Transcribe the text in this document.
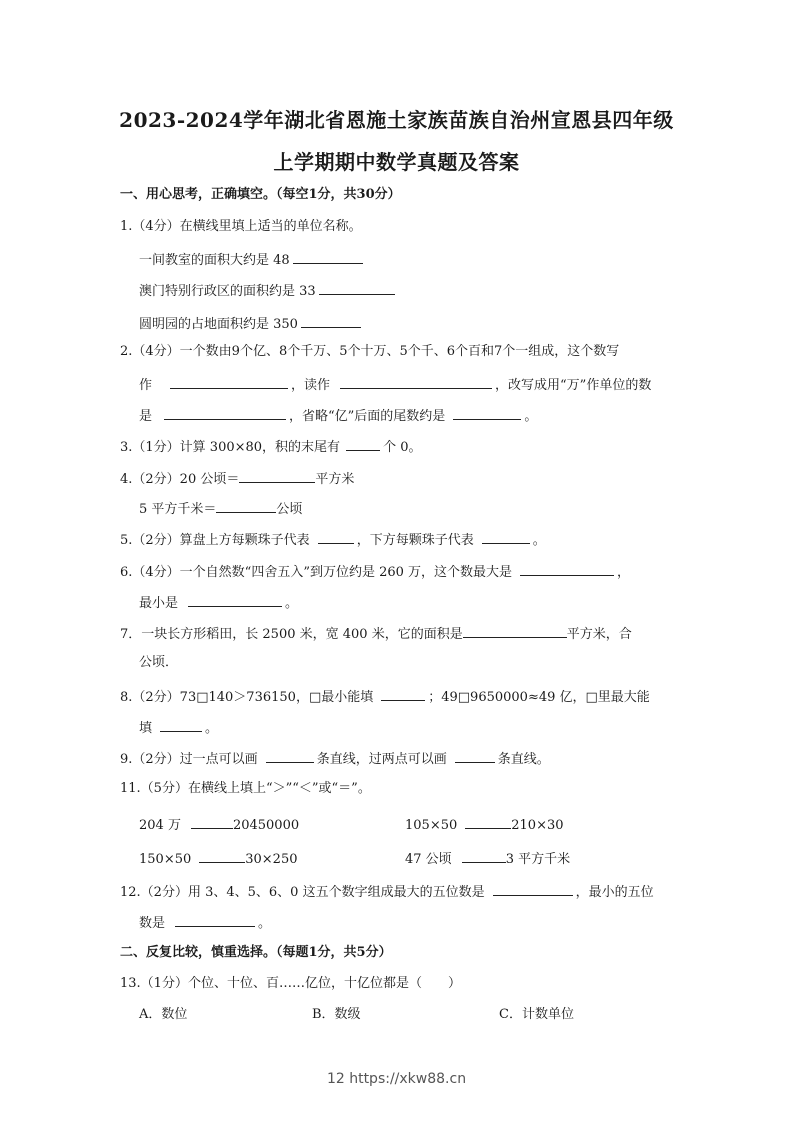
2023-2024学年湖北省恩施土家族苗族自治州宣恩县四年级
上学期期中数学真题及答案
一、用心思考，正确填空。（每空1分，共30分）
1.（4分）在横线里填上适当的单位名称。
一间教室的面积大约是 48
澳门特别行政区的面积约是 33
圆明园的占地面积约是 350
2.（4分）一个数由9个亿、8个千万、5个十万、5个千、6个百和7个一组成，这个数写
作	，读作	，改写成用“万”作单位的数
是	，省略“亿”后面的尾数约是	。
3.（1分）计算 300×80，积的末尾有	个 0。
4.（2分）20 公顷＝	平方米
5 平方千米＝	公顷
5.（2分）算盘上方每颗珠子代表	，下方每颗珠子代表	。
6.（4分）一个自然数“四舍五入”到万位约是 260 万，这个数最大是	，
最小是	。
7．一块长方形稻田，长 2500 米，宽 400 米，它的面积是	平方米，合
公顷．
8.（2分）73□140＞736150，□最小能填	；49□9650000≈49 亿，□里最大能
填	。
9.（2分）过一点可以画	条直线，过两点可以画	条直线。
11.（5分）在横线上填上“＞”“＜”或“＝”。
204 万	20450000	105×50	210×30
150×50	30×250	47 公顷	3 平方千米
12.（2分）用 3、4、5、6、0 这五个数字组成最大的五位数是	，最小的五位
数是	。
二、反复比较，慎重选择。（每题1分，共5分）
13.（1分）个位、十位、百……亿位，十亿位都是（　　）
A．数位	B．数级	C．计数单位
12 https://xkw88.cn
